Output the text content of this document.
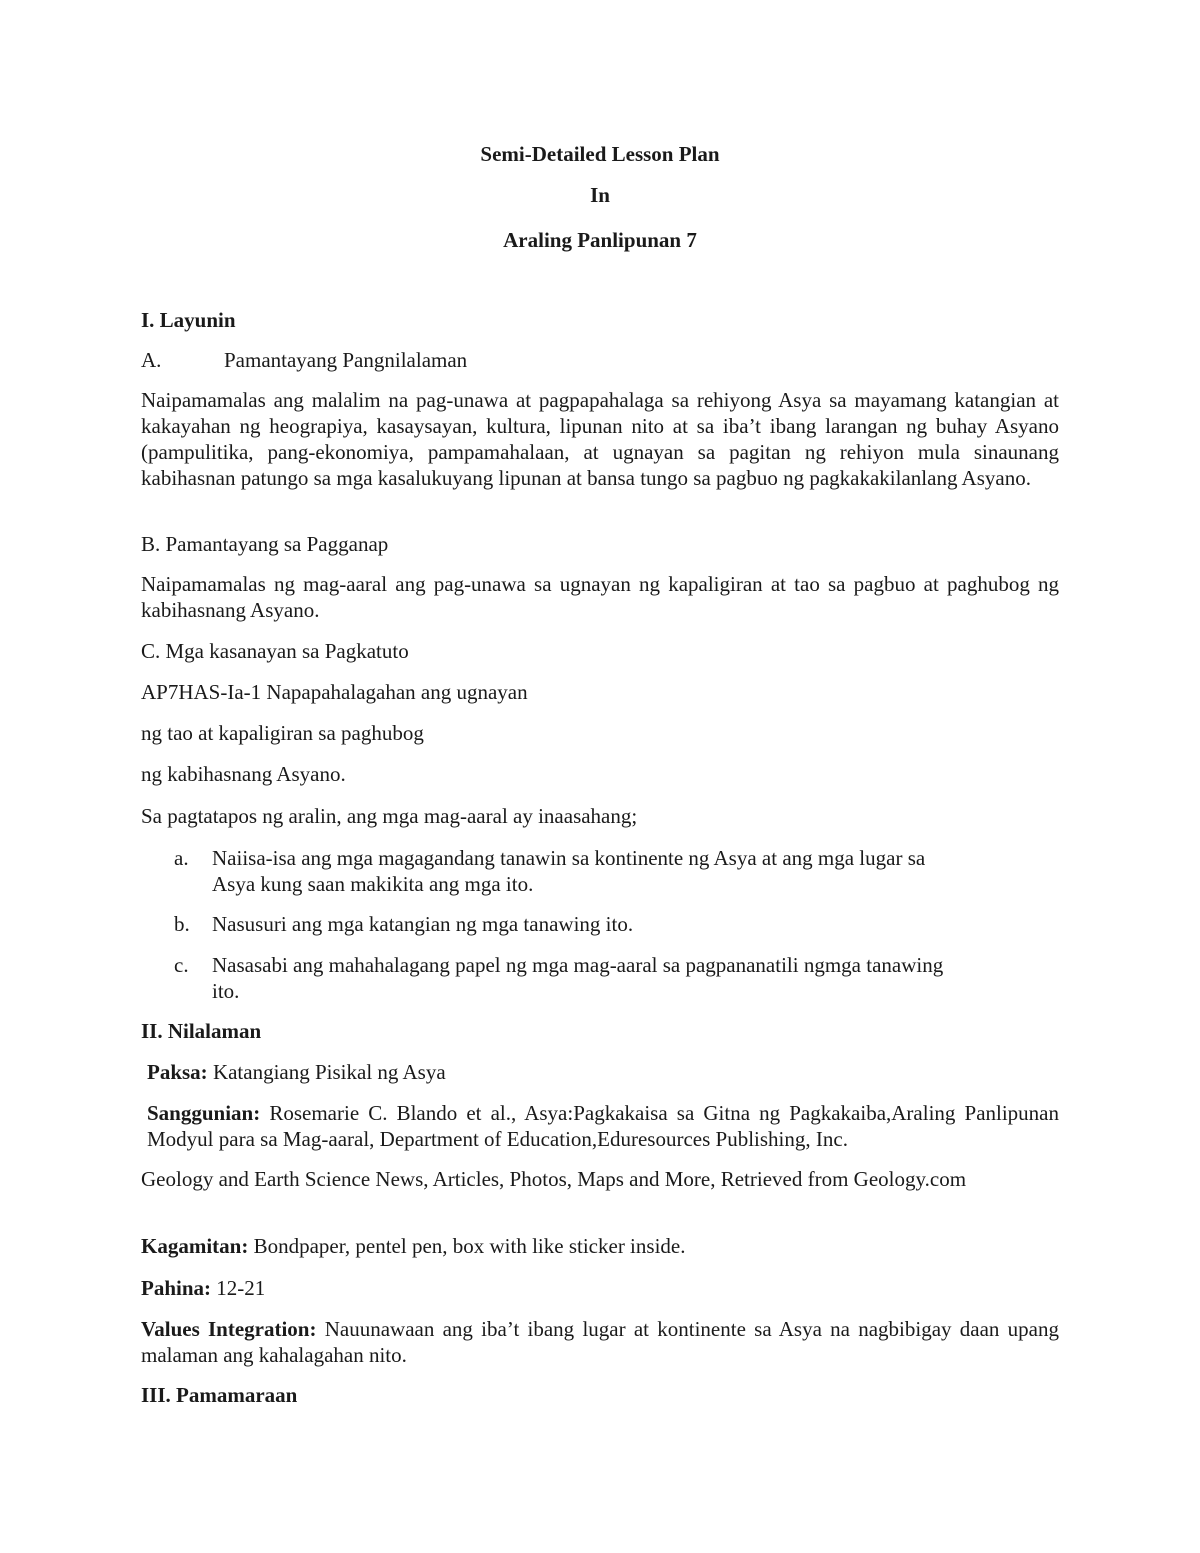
Semi-Detailed Lesson Plan
In
Araling Panlipunan 7
I. Layunin
A.	Pamantayang Pangnilalaman
Naipamamalas ang malalim na pag-unawa at pagpapahalaga sa rehiyong Asya sa mayamang katangian at kakayahan ng heograpiya, kasaysayan, kultura, lipunan nito at sa iba’t ibang larangan ng buhay Asyano (pampulitika, pang-ekonomiya, pampamahalaan, at ugnayan sa pagitan ng rehiyon mula sinaunang kabihasnan patungo sa mga kasalukuyang lipunan at bansa tungo sa pagbuo ng pagkakakilanlang Asyano.
B. Pamantayang sa Pagganap
Naipamamalas ng mag-aaral ang pag-unawa sa ugnayan ng kapaligiran at tao sa pagbuo at paghubog ng kabihasnang Asyano.
C. Mga kasanayan sa Pagkatuto
AP7HAS-Ia-1 Napapahalagahan ang ugnayan
ng tao at kapaligiran sa paghubog
ng kabihasnang Asyano.
Sa pagtatapos ng aralin, ang mga mag-aaral ay inaasahang;
a. Naiisa-isa ang mga magagandang tanawin sa kontinente ng Asya at ang mga lugar sa
Asya kung saan makikita ang mga ito.
b. Nasusuri ang mga katangian ng mga tanawing ito.
c. Nasasabi ang mahahalagang papel ng mga mag-aaral sa pagpananatili ngmga tanawing
ito.
II. Nilalaman
Paksa: Katangiang Pisikal ng Asya
Sanggunian: Rosemarie C. Blando et al., Asya:Pagkakaisa sa Gitna ng Pagkakaiba,Araling Panlipunan Modyul para sa Mag-aaral, Department of Education,Eduresources Publishing, Inc.
Geology and Earth Science News, Articles, Photos, Maps and More, Retrieved from Geology.com
Kagamitan: Bondpaper, pentel pen, box with like sticker inside.
Pahina: 12-21
Values Integration: Nauunawaan ang iba’t ibang lugar at kontinente sa Asya na nagbibigay daan upang malaman ang kahalagahan nito.
III. Pamamaraan
